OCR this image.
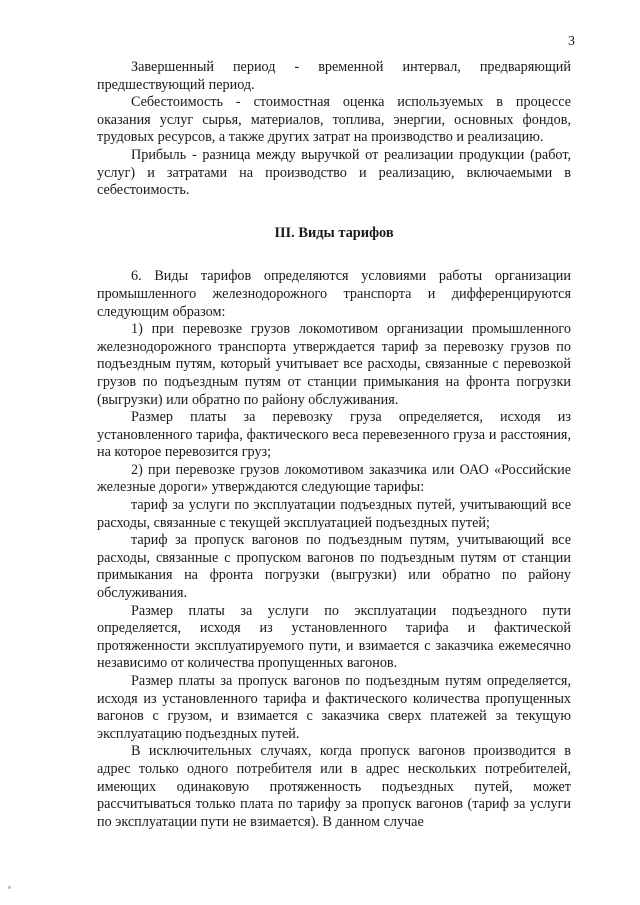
3

Завершенный период - временной интервал, предваряющий предшествующий период.

Себестоимость - стоимостная оценка используемых в процессе оказания услуг сырья, материалов, топлива, энергии, основных фондов, трудовых ресурсов, а также других затрат на производство и реализацию.

Прибыль - разница между выручкой от реализации продукции (работ, услуг) и затратами на производство и реализацию, включаемыми в себестоимость.

III. Виды тарифов

6. Виды тарифов определяются условиями работы организации промышленного железнодорожного транспорта и дифференцируются следующим образом:

1) при перевозке грузов локомотивом организации промышленного железнодорожного транспорта утверждается тариф за перевозку грузов по подъездным путям, который учитывает все расходы, связанные с перевозкой грузов по подъездным путям от станции примыкания на фронта погрузки (выгрузки) или обратно по району обслуживания.

Размер платы за перевозку груза определяется, исходя из установленного тарифа, фактического веса перевезенного груза и расстояния, на которое перевозится груз;

2) при перевозке грузов локомотивом заказчика или ОАО «Российские железные дороги» утверждаются следующие тарифы:

тариф за услуги по эксплуатации подъездных путей, учитывающий все расходы, связанные с текущей эксплуатацией подъездных путей;

тариф за пропуск вагонов по подъездным путям, учитывающий все расходы, связанные с пропуском вагонов по подъездным путям от станции примыкания на фронта погрузки (выгрузки) или обратно по району обслуживания.

Размер платы за услуги по эксплуатации подъездного пути определяется, исходя из установленного тарифа и фактической протяженности эксплуатируемого пути, и взимается с заказчика ежемесячно независимо от количества пропущенных вагонов.

Размер платы за пропуск вагонов по подъездным путям определяется, исходя из установленного тарифа и фактического количества пропущенных вагонов с грузом, и взимается с заказчика сверх платежей за текущую эксплуатацию подъездных путей.

В исключительных случаях, когда пропуск вагонов производится в адрес только одного потребителя или в адрес нескольких потребителей, имеющих одинаковую протяженность подъездных путей, может рассчитываться только плата по тарифу за пропуск вагонов (тариф за услуги по эксплуатации пути не взимается). В данном случае
